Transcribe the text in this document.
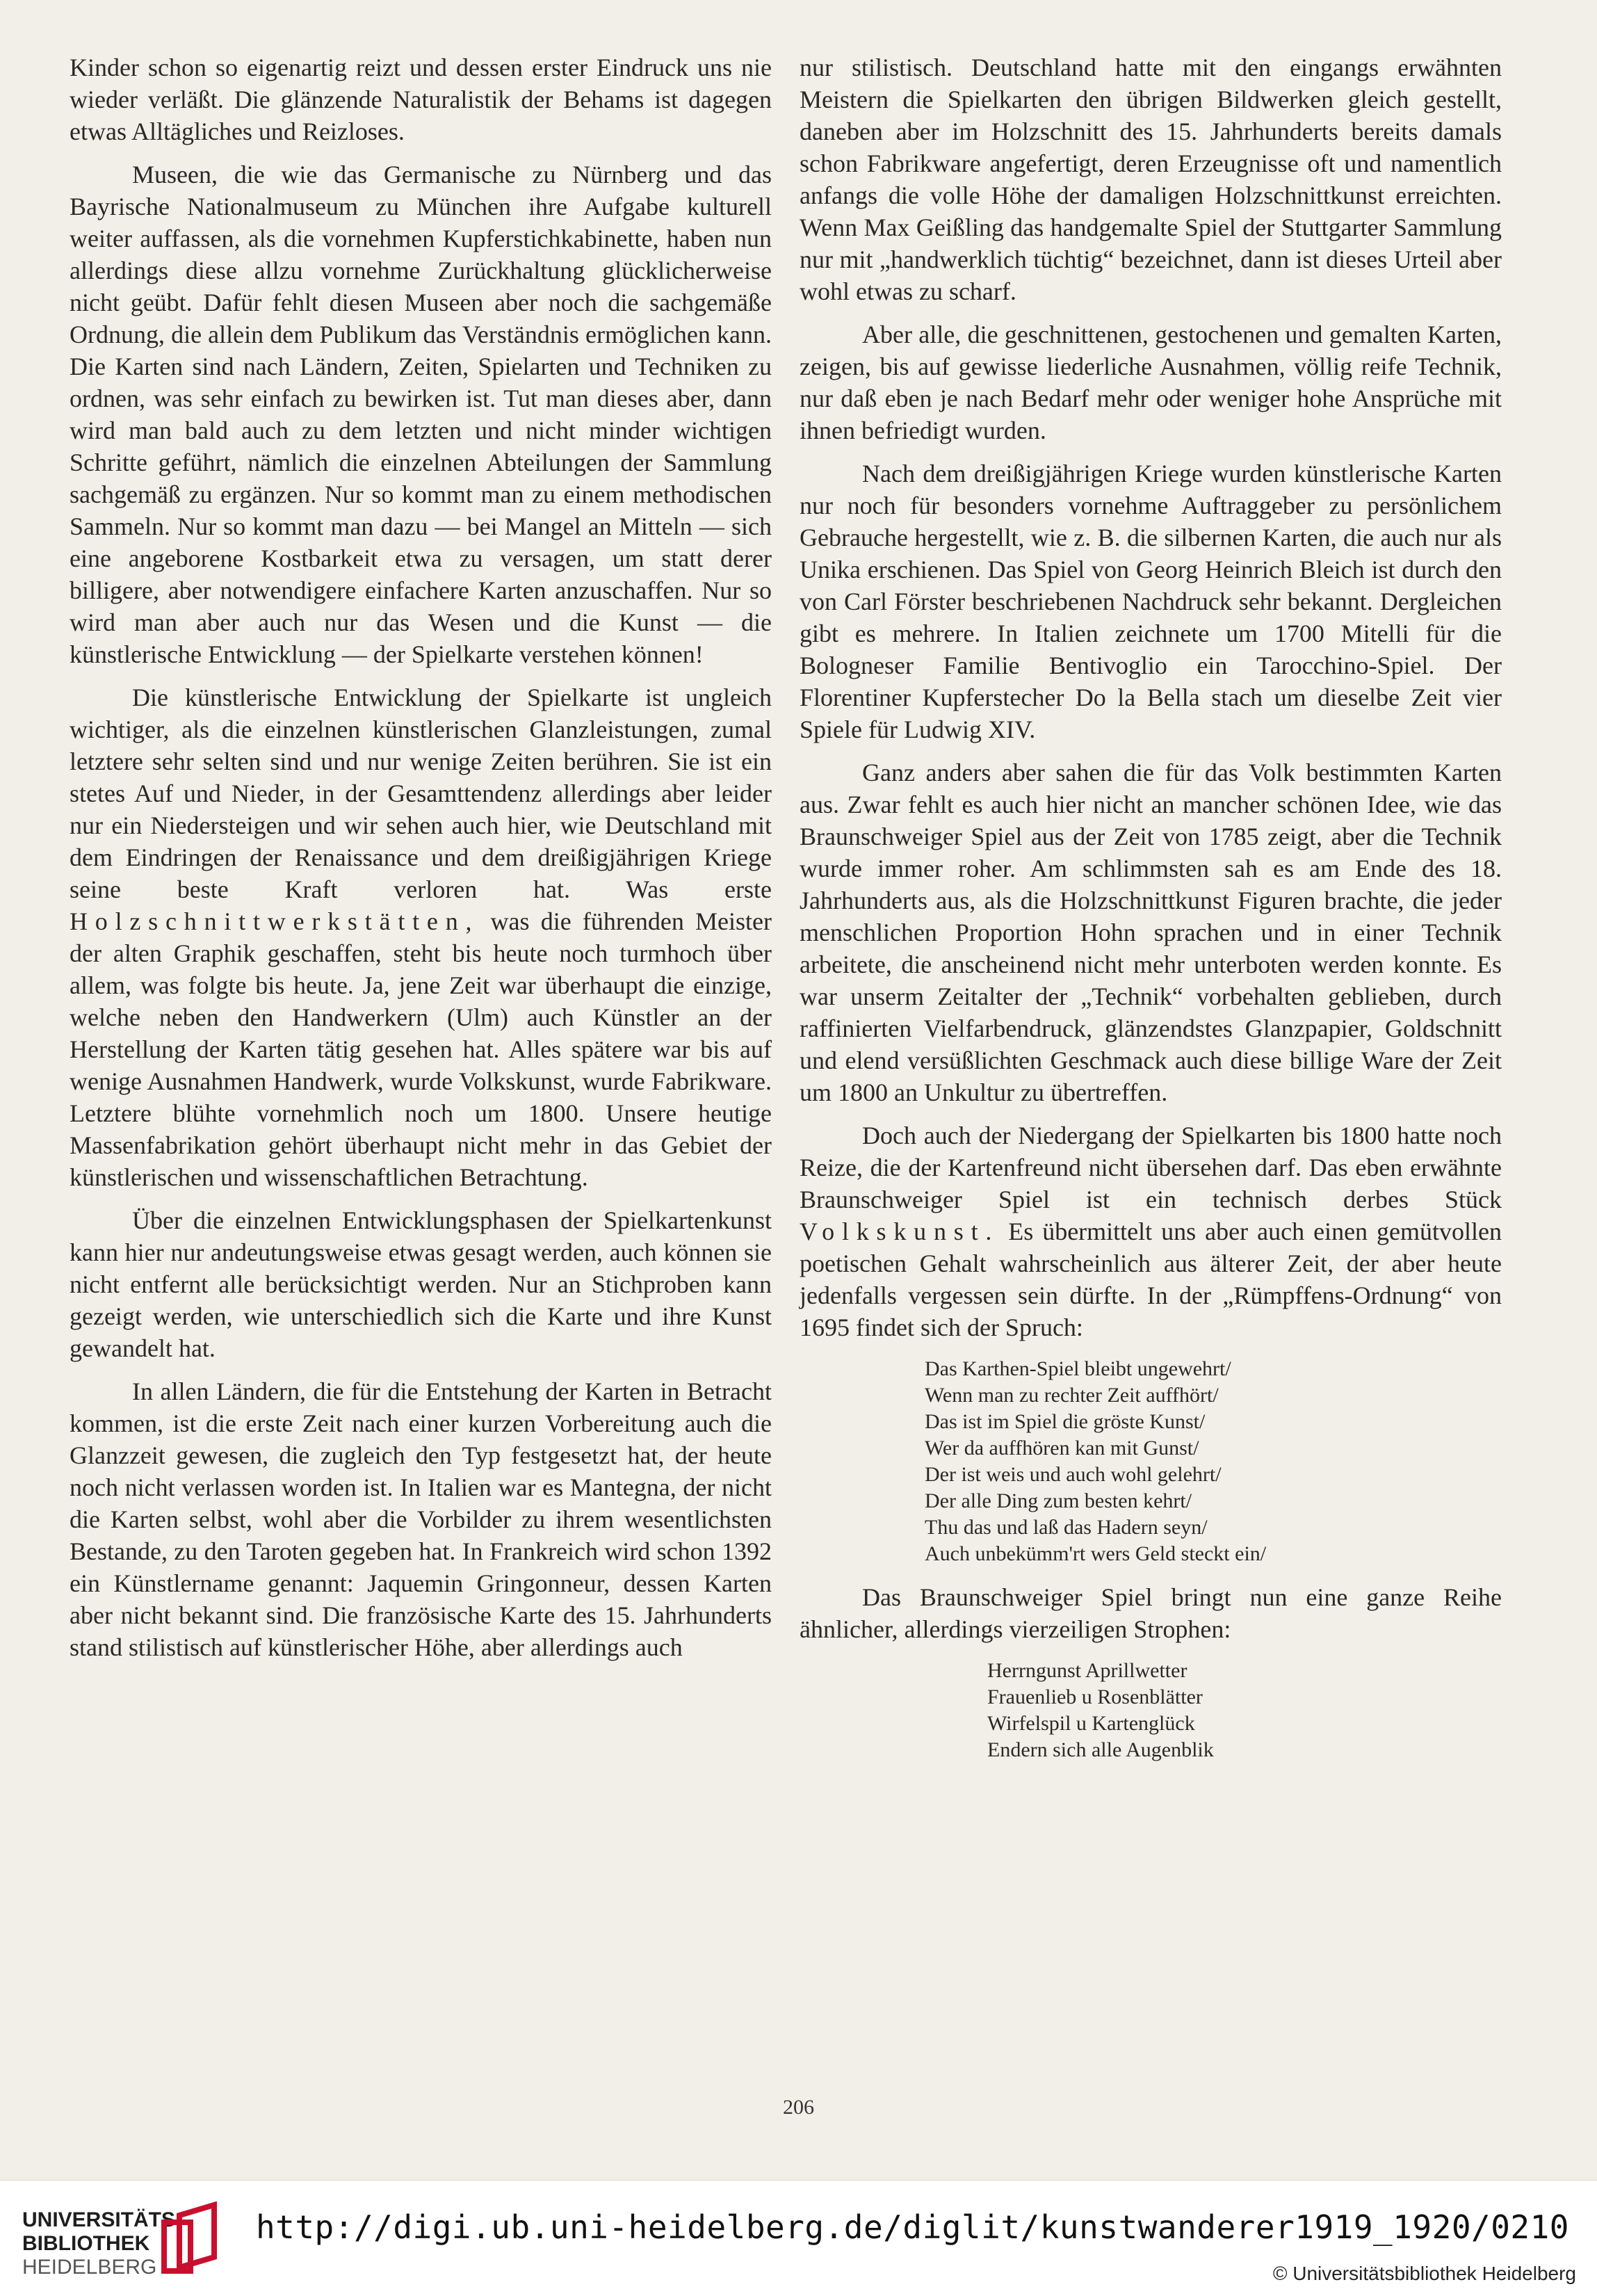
Kinder schon so eigenartig reizt und dessen erster Eindruck uns nie wieder verläßt. Die glänzende Naturalistik der Behams ist dagegen etwas Alltägliches und Reizloses.

Museen, die wie das Germanische zu Nürnberg und das Bayrische Nationalmuseum zu München ihre Aufgabe kulturell weiter auffassen, als die vornehmen Kupferstichkabinette, haben nun allerdings diese allzu vornehme Zurückhaltung glücklicherweise nicht geübt. Dafür fehlt diesen Museen aber noch die sachgemäße Ordnung, die allein dem Publikum das Verständnis ermöglichen kann. Die Karten sind nach Ländern, Zeiten, Spielarten und Techniken zu ordnen, was sehr einfach zu bewirken ist. Tut man dieses aber, dann wird man bald auch zu dem letzten und nicht minder wichtigen Schritte geführt, nämlich die einzelnen Abteilungen der Sammlung sachgemäß zu ergänzen. Nur so kommt man zu einem methodischen Sammeln. Nur so kommt man dazu — bei Mangel an Mitteln — sich eine angeborene Kostbarkeit etwa zu versagen, um statt derer billigere, aber notwendigere einfachere Karten anzuschaffen. Nur so wird man aber auch nur das Wesen und die Kunst — die künstlerische Entwicklung — der Spielkarte verstehen können!

Die künstlerische Entwicklung der Spielkarte ist ungleich wichtiger, als die einzelnen künstlerischen Glanzleistungen, zumal letztere sehr selten sind und nur wenige Zeiten berühren. Sie ist ein stetes Auf und Nieder, in der Gesamttendenz allerdings aber leider nur ein Niedersteigen und wir sehen auch hier, wie Deutschland mit dem Eindringen der Renaissance und dem dreißigjährigen Kriege seine beste Kraft verloren hat. Was erste Holzschnittwerkstätten, was die führenden Meister der alten Graphik geschaffen, steht bis heute noch turmhoch über allem, was folgte bis heute. Ja, jene Zeit war überhaupt die einzige, welche neben den Handwerkern (Ulm) auch Künstler an der Herstellung der Karten tätig gesehen hat. Alles spätere war bis auf wenige Ausnahmen Handwerk, wurde Volkskunst, wurde Fabrikware. Letztere blühte vornehmlich noch um 1800. Unsere heutige Massenfabrikation gehört überhaupt nicht mehr in das Gebiet der künstlerischen und wissenschaftlichen Betrachtung.

Über die einzelnen Entwicklungsphasen der Spielkartenkunst kann hier nur andeutungsweise etwas gesagt werden, auch können sie nicht entfernt alle berücksichtigt werden. Nur an Stichproben kann gezeigt werden, wie unterschiedlich sich die Karte und ihre Kunst gewandelt hat.

In allen Ländern, die für die Entstehung der Karten in Betracht kommen, ist die erste Zeit nach einer kurzen Vorbereitung auch die Glanzzeit gewesen, die zugleich den Typ festgesetzt hat, der heute noch nicht verlassen worden ist. In Italien war es Mantegna, der nicht die Karten selbst, wohl aber die Vorbilder zu ihrem wesentlichsten Bestande, zu den Taroten gegeben hat. In Frankreich wird schon 1392 ein Künstlername genannt: Jaquemin Gringonneur, dessen Karten aber nicht bekannt sind. Die französische Karte des 15. Jahrhunderts stand stilistisch auf künstlerischer Höhe, aber allerdings auch

nur stilistisch. Deutschland hatte mit den eingangs erwähnten Meistern die Spielkarten den übrigen Bildwerken gleich gestellt, daneben aber im Holzschnitt des 15. Jahrhunderts bereits damals schon Fabrikware angefertigt, deren Erzeugnisse oft und namentlich anfangs die volle Höhe der damaligen Holzschnittkunst erreichten. Wenn Max Geißling das handgemalte Spiel der Stuttgarter Sammlung nur mit „handwerklich tüchtig“ bezeichnet, dann ist dieses Urteil aber wohl etwas zu scharf.

Aber alle, die geschnittenen, gestochenen und gemalten Karten, zeigen, bis auf gewisse liederliche Ausnahmen, völlig reife Technik, nur daß eben je nach Bedarf mehr oder weniger hohe Ansprüche mit ihnen befriedigt wurden.

Nach dem dreißigjährigen Kriege wurden künstlerische Karten nur noch für besonders vornehme Auftraggeber zu persönlichem Gebrauche hergestellt, wie z. B. die silbernen Karten, die auch nur als Unika erschienen. Das Spiel von Georg Heinrich Bleich ist durch den von Carl Förster beschriebenen Nachdruck sehr bekannt. Dergleichen gibt es mehrere. In Italien zeichnete um 1700 Mitelli für die Bologneser Familie Bentivoglio ein Tarocchino-Spiel. Der Florentiner Kupferstecher Do la Bella stach um dieselbe Zeit vier Spiele für Ludwig XIV.

Ganz anders aber sahen die für das Volk bestimmten Karten aus. Zwar fehlt es auch hier nicht an mancher schönen Idee, wie das Braunschweiger Spiel aus der Zeit von 1785 zeigt, aber die Technik wurde immer roher. Am schlimmsten sah es am Ende des 18. Jahrhunderts aus, als die Holzschnittkunst Figuren brachte, die jeder menschlichen Proportion Hohn sprachen und in einer Technik arbeitete, die anscheinend nicht mehr unterboten werden konnte. Es war unserm Zeitalter der „Technik“ vorbehalten geblieben, durch raffinierten Vielfarbendruck, glänzendstes Glanzpapier, Goldschnitt und elend versüßlichten Geschmack auch diese billige Ware der Zeit um 1800 an Unkultur zu übertreffen.

Doch auch der Niedergang der Spielkarten bis 1800 hatte noch Reize, die der Kartenfreund nicht übersehen darf. Das eben erwähnte Braunschweiger Spiel ist ein technisch derbes Stück Volkskunst. Es übermittelt uns aber auch einen gemütvollen poetischen Gehalt wahrscheinlich aus älterer Zeit, der aber heute jedenfalls vergessen sein dürfte. In der „Rümpffens-Ordnung“ von 1695 findet sich der Spruch:

Das Karthen-Spiel bleibt ungewehrt/
Wenn man zu rechter Zeit auffhört/
Das ist im Spiel die gröste Kunst/
Wer da auffhören kan mit Gunst/
Der ist weis und auch wohl gelehrt/
Der alle Ding zum besten kehrt/
Thu das und laß das Hadern seyn/
Auch unbekümm'rt wers Geld steckt ein/

Das Braunschweiger Spiel bringt nun eine ganze Reihe ähnlicher, allerdings vierzeiligen Strophen:

Herrngunst Aprillwetter
Frauenlieb u Rosenblätter
Wirfelspil u Kartenglück
Endern sich alle Augenblik
206
UNIVERSITÄTS-
BIBLIOTHEK
HEIDELBERG
http://digi.ub.uni-heidelberg.de/diglit/kunstwanderer1919_1920/0210
© Universitätsbibliothek Heidelberg
